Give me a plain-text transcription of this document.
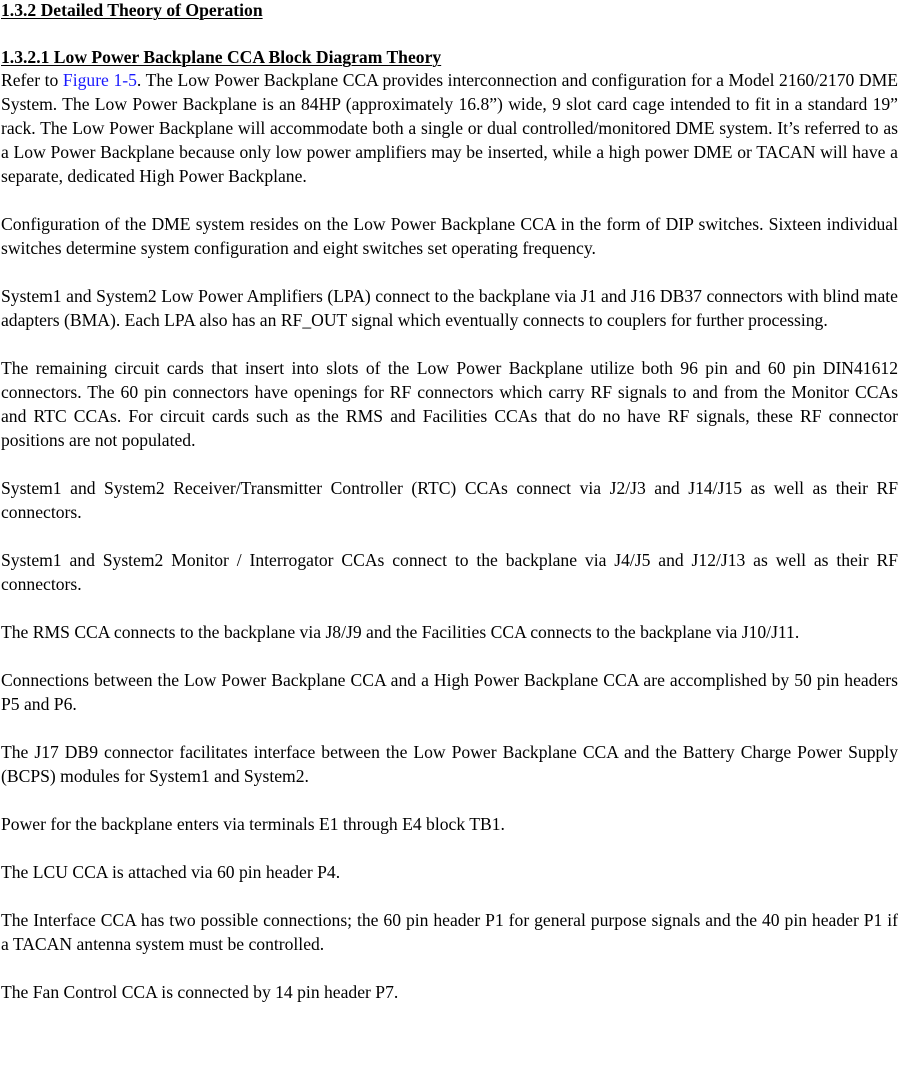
1.3.2 Detailed Theory of Operation
1.3.2.1 Low Power Backplane CCA Block Diagram Theory

Refer to Figure 1-5. The Low Power Backplane CCA provides interconnection and configuration for a Model 2160/2170 DME System. The Low Power Backplane is an 84HP (approximately 16.8”) wide, 9 slot card cage intended to fit in a standard 19” rack. The Low Power Backplane will accommodate both a single or dual controlled/monitored DME system. It’s referred to as a Low Power Backplane because only low power amplifiers may be inserted, while a high power DME or TACAN will have a separate, dedicated High Power Backplane.

Configuration of the DME system resides on the Low Power Backplane CCA in the form of DIP switches. Sixteen individual switches determine system configuration and eight switches set operating frequency.

System1 and System2 Low Power Amplifiers (LPA) connect to the backplane via J1 and J16 DB37 connectors with blind mate adapters (BMA). Each LPA also has an RF_OUT signal which eventually connects to couplers for further processing.

The remaining circuit cards that insert into slots of the Low Power Backplane utilize both 96 pin and 60 pin DIN41612 connectors. The 60 pin connectors have openings for RF connectors which carry RF signals to and from the Monitor CCAs and RTC CCAs. For circuit cards such as the RMS and Facilities CCAs that do no have RF signals, these RF connector positions are not populated.

System1 and System2 Receiver/Transmitter Controller (RTC) CCAs connect via J2/J3 and J14/J15 as well as their RF connectors.

System1 and System2 Monitor / Interrogator CCAs connect to the backplane via J4/J5 and J12/J13 as well as their RF connectors.

The RMS CCA connects to the backplane via J8/J9 and the Facilities CCA connects to the backplane via J10/J11.

Connections between the Low Power Backplane CCA and a High Power Backplane CCA are accomplished by 50 pin headers P5 and P6.

The J17 DB9 connector facilitates interface between the Low Power Backplane CCA and the Battery Charge Power Supply (BCPS) modules for System1 and System2.

Power for the backplane enters via terminals E1 through E4 block TB1.

The LCU CCA is attached via 60 pin header P4.

The Interface CCA has two possible connections; the 60 pin header P1 for general purpose signals and the 40 pin header P1 if a TACAN antenna system must be controlled.

The Fan Control CCA is connected by 14 pin header P7.
